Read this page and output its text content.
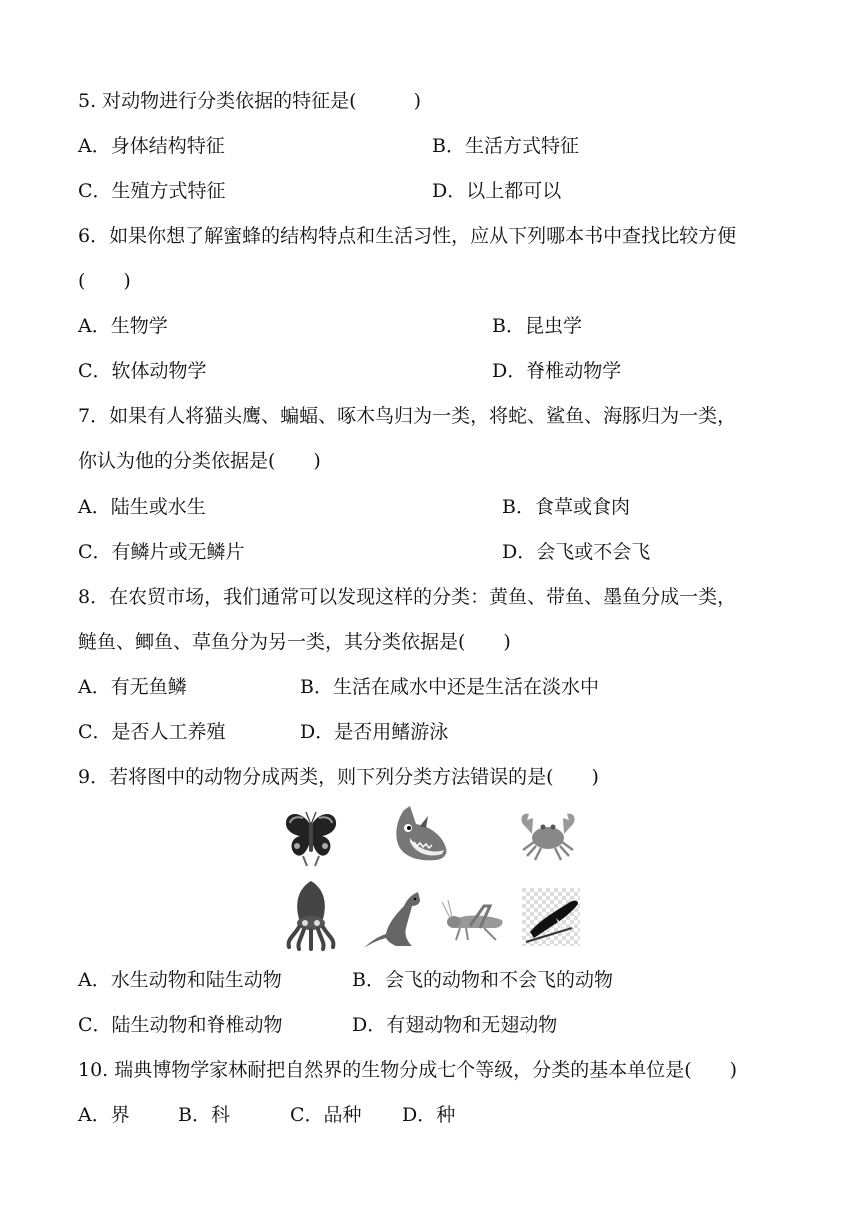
5. 对动物进行分类依据的特征是(　　　)
A．身体结构特征	B．生活方式特征
C．生殖方式特征	D．以上都可以
6．如果你想了解蜜蜂的结构特点和生活习性，应从下列哪本书中查找比较方便
(　　)
A．生物学	B．昆虫学
C．软体动物学	D．脊椎动物学
7．如果有人将猫头鹰、蝙蝠、啄木鸟归为一类，将蛇、鲨鱼、海豚归为一类，
你认为他的分类依据是(　　)
A．陆生或水生	B．食草或食肉
C．有鳞片或无鳞片	D．会飞或不会飞
8．在农贸市场，我们通常可以发现这样的分类：黄鱼、带鱼、墨鱼分成一类，
鲢鱼、鲫鱼、草鱼分为另一类，其分类依据是(　　)
A．有无鱼鳞	B．生活在咸水中还是生活在淡水中
C．是否人工养殖	D．是否用鳍游泳
9．若将图中的动物分成两类，则下列分类方法错误的是(　　)
A．水生动物和陆生动物	B．会飞的动物和不会飞的动物
C．陆生动物和脊椎动物	D．有翅动物和无翅动物
10. 瑞典博物学家林耐把自然界的生物分成七个等级，分类的基本单位是(　　)
A．界	B．科	C．品种 D．种
